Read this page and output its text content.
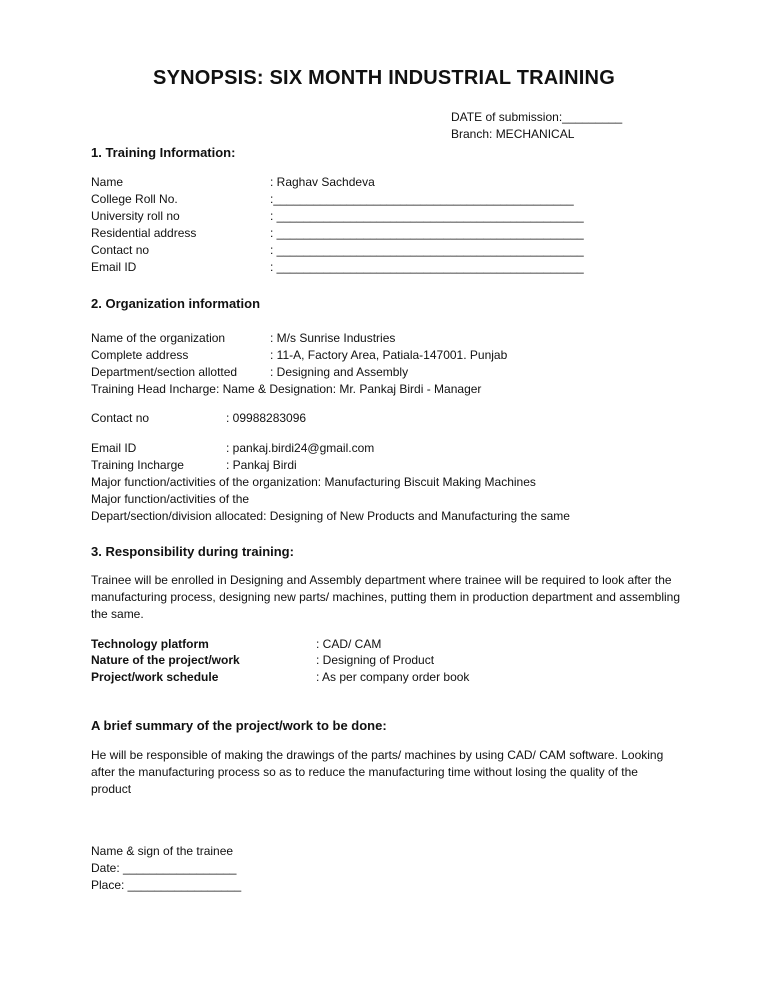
SYNOPSIS: SIX MONTH INDUSTRIAL TRAINING
DATE of submission:_________
Branch: MECHANICAL
1. Training Information:
Name	: Raghav Sachdeva
College Roll No.	:_____________________________________________
University roll no	: ______________________________________________
Residential address	: ______________________________________________
Contact no	: ______________________________________________
Email ID	: ______________________________________________
2. Organization information
Name of the organization	: M/s Sunrise Industries
Complete address	: 11-A, Factory Area, Patiala-147001. Punjab
Department/section allotted	: Designing and Assembly
Training Head Incharge: Name & Designation: Mr. Pankaj Birdi - Manager
Contact no	: 09988283096
Email ID	: pankaj.birdi24@gmail.com
Training Incharge	: Pankaj Birdi
Major function/activities of the organization: Manufacturing Biscuit Making Machines
Major function/activities of the
Depart/section/division allocated: Designing of New Products and Manufacturing the same
3. Responsibility during training:
Trainee will be enrolled in Designing and Assembly department where trainee will be required to look after the manufacturing process, designing new parts/ machines, putting them in production department and assembling the same.
Technology platform	: CAD/ CAM
Nature of the project/work	: Designing of Product
Project/work schedule	: As per company order book
A brief summary of the project/work to be done:
He will be responsible of making the drawings of the parts/ machines by using CAD/ CAM software. Looking after the manufacturing process so as to reduce the manufacturing time without losing the quality of the product
Name & sign of the trainee
Date: _________________
Place: _________________
